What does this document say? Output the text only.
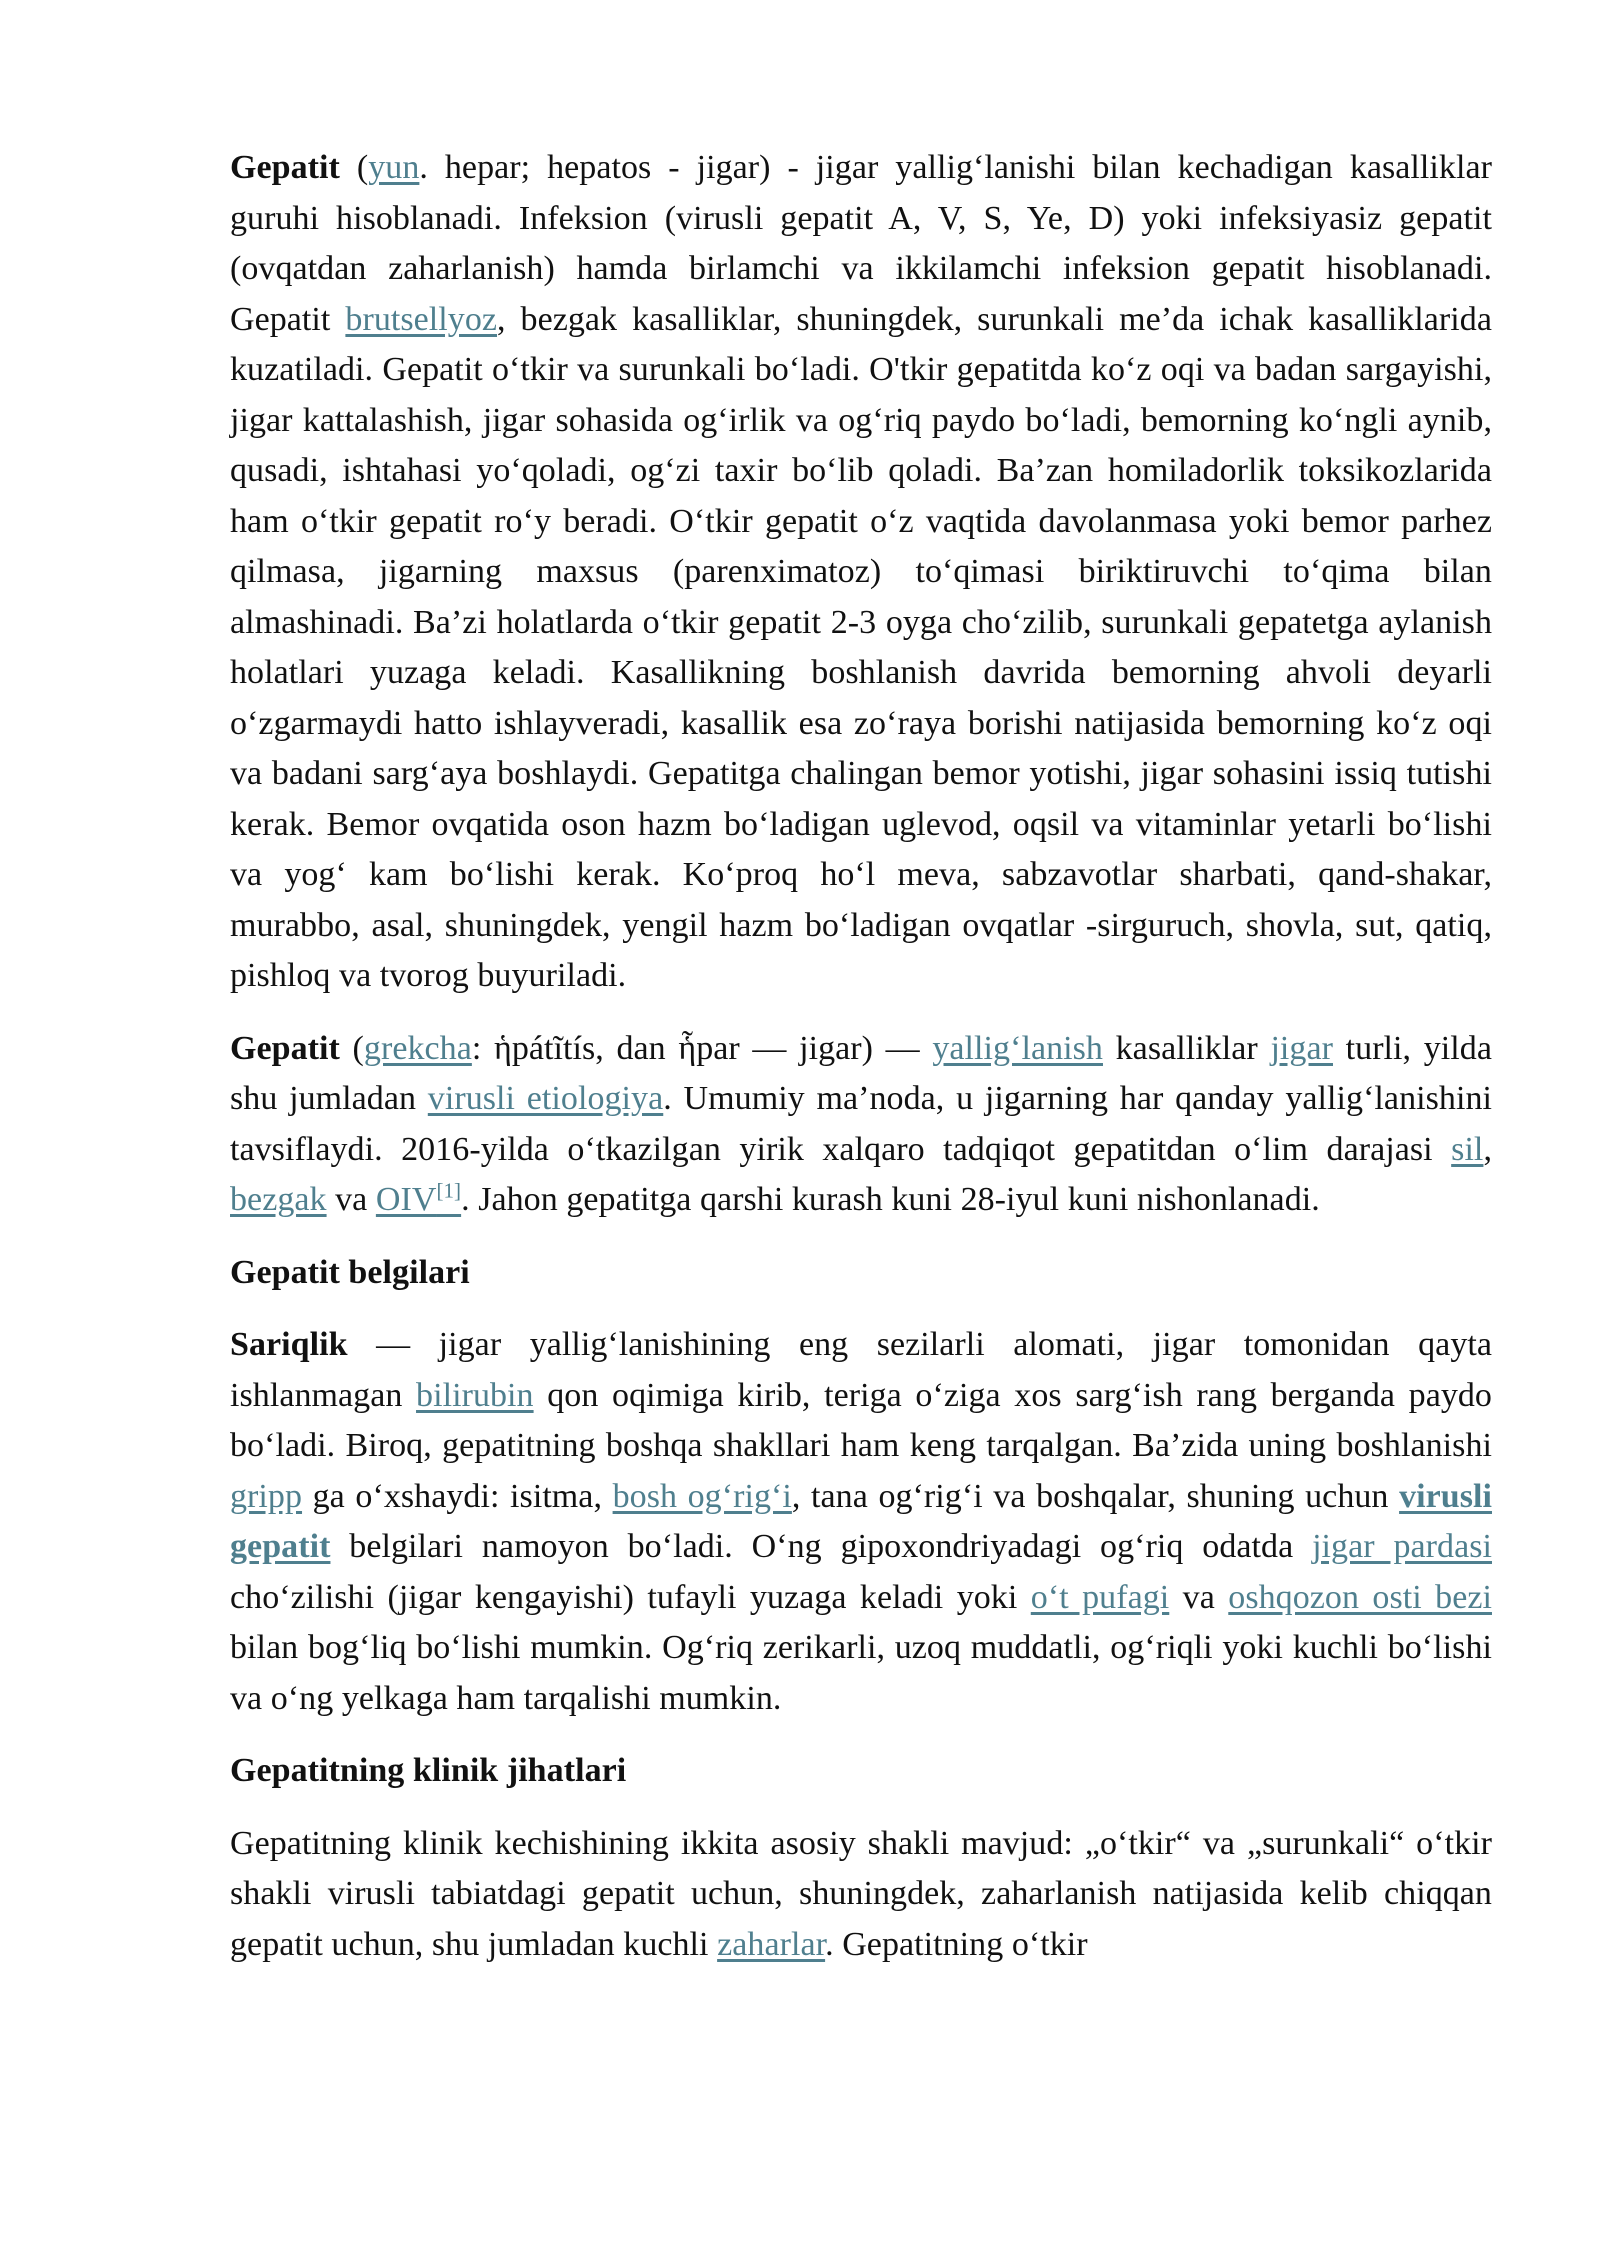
Gepatit (yun. hepar; hepatos - jigar) - jigar yallig‘lanishi bilan kechadigan kasalliklar guruhi hisoblanadi. Infeksion (virusli gepatit A, V, S, Ye, D) yoki infeksiyasiz gepatit (ovqatdan zaharlanish) hamda birlamchi va ikkilamchi infeksion gepatit hisoblanadi. Gepatit brutsellyoz, bezgak kasalliklar, shuningdek, surunkali me’da ichak kasalliklarida kuzatiladi. Gepatit o‘tkir va surunkali bo‘ladi. O'tkir gepatitda ko‘z oqi va badan sargayishi, jigar kattalashish, jigar sohasida og‘irlik va og‘riq paydo bo‘ladi, bemorning ko‘ngli aynib, qusadi, ishtahasi yo‘qoladi, og‘zi taxir bo‘lib qoladi. Ba’zan homiladorlik toksikozlarida ham o‘tkir gepatit ro‘y beradi. O‘tkir gepatit o‘z vaqtida davolanmasa yoki bemor parhez qilmasa, jigarning maxsus (parenximatoz) to‘qimasi biriktiruvchi to‘qima bilan almashinadi. Ba’zi holatlarda o‘tkir gepatit 2-3 oyga cho‘zilib, surunkali gepatetga aylanish holatlari yuzaga keladi. Kasallikning boshlanish davrida bemorning ahvoli deyarli o‘zgarmaydi hatto ishlayveradi, kasallik esa zo‘raya borishi natijasida bemorning ko‘z oqi va badani sarg‘aya boshlaydi. Gepatitga chalingan bemor yotishi, jigar sohasini issiq tutishi kerak. Bemor ovqatida oson hazm bo‘ladigan uglevod, oqsil va vitaminlar yetarli bo‘lishi va yog‘ kam bo‘lishi kerak. Ko‘proq ho‘l meva, sabzavotlar sharbati, qand-shakar, murabbo, asal, shuningdek, yengil hazm bo‘ladigan ovqatlar -sirguruch, shovla, sut, qatiq, pishloq va tvorog buyuriladi.

Gepatit (grekcha: ἡpátĩtís, dan ἧpar — jigar) — yallig‘lanish kasalliklar jigar turli, yilda shu jumladan virusli etiologiya. Umumiy ma’noda, u jigarning har qanday yallig‘lanishini tavsiflaydi. 2016-yilda o‘tkazilgan yirik xalqaro tadqiqot gepatitdan o‘lim darajasi sil, bezgak va OIV[1]. Jahon gepatitga qarshi kurash kuni 28-iyul kuni nishonlanadi.

Gepatit belgilari

Sariqlik — jigar yallig‘lanishining eng sezilarli alomati, jigar tomonidan qayta ishlanmagan bilirubin qon oqimiga kirib, teriga o‘ziga xos sarg‘ish rang berganda paydo bo‘ladi. Biroq, gepatitning boshqa shakllari ham keng tarqalgan. Ba’zida uning boshlanishi gripp ga o‘xshaydi: isitma, bosh og‘rig‘i, tana og‘rig‘i va boshqalar, shuning uchun virusli gepatit belgilari namoyon bo‘ladi. O‘ng gipoxondriyadagi og‘riq odatda jigar pardasi cho‘zilishi (jigar kengayishi) tufayli yuzaga keladi yoki o‘t pufagi va oshqozon osti bezi bilan bog‘liq bo‘lishi mumkin. Og‘riq zerikarli, uzoq muddatli, og‘riqli yoki kuchli bo‘lishi va o‘ng yelkaga ham tarqalishi mumkin.

Gepatitning klinik jihatlari

Gepatitning klinik kechishining ikkita asosiy shakli mavjud: „o‘tkir“ va „surunkali“ o‘tkir shakli virusli tabiatdagi gepatit uchun, shuningdek, zaharlanish natijasida kelib chiqqan gepatit uchun, shu jumladan kuchli zaharlar. Gepatitning o‘tkir
